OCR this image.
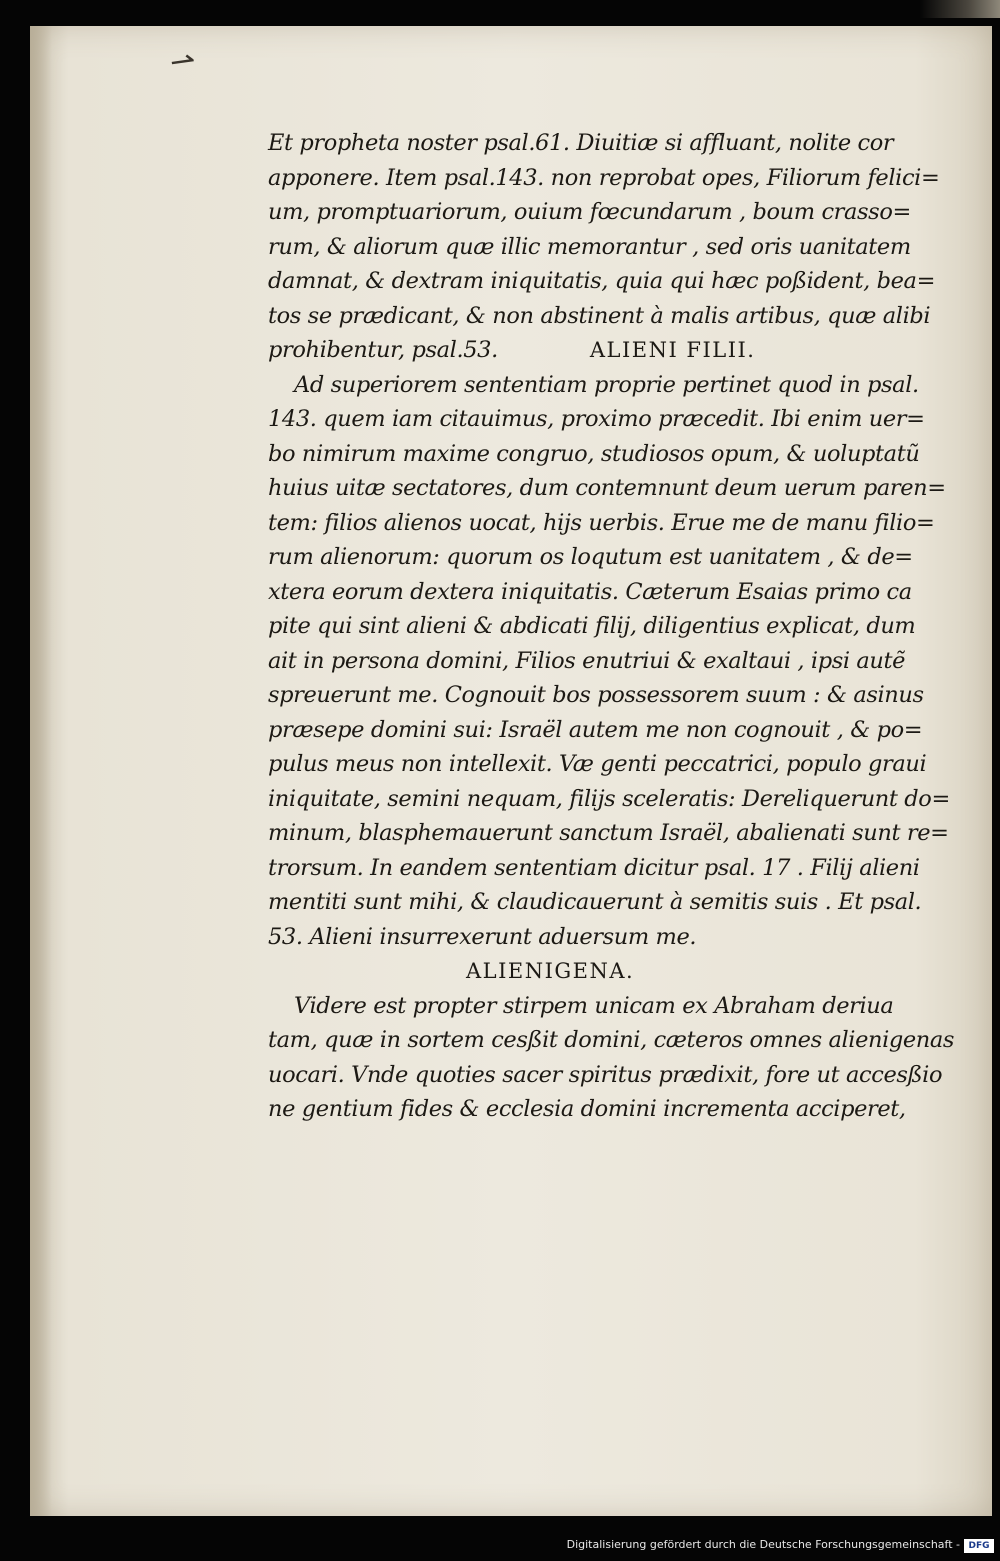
⇀
Et propheta noster psal.61. Diuitiæ si affluant, nolite cor
apponere. Item psal.143. non reprobat opes, Filiorum felici=
um, promptuariorum, ouium fœcundarum , boum crasso=
rum, & aliorum quæ illic memorantur , sed oris uanitatem
damnat, & dextram iniquitatis, quia qui hæc poßident, bea=
tos se prædicant, & non abstinent à malis artibus, quæ alibi
prohibentur, psal.53.	ALIENI FILII.
Ad superiorem sententiam proprie pertinet quod in psal.
143. quem iam citauimus, proximo præcedit. Ibi enim uer=
bo nimirum maxime congruo, studiosos opum, & uoluptatũ
huius uitæ sectatores, dum contemnunt deum uerum paren=
tem: filios alienos uocat, hijs uerbis. Erue me de manu filio=
rum alienorum: quorum os loqutum est uanitatem , & de=
xtera eorum dextera iniquitatis. Cæterum Esaias primo ca
pite qui sint alieni & abdicati filij, diligentius explicat, dum
ait in persona domini, Filios enutriui & exaltaui , ipsi autẽ
spreuerunt me. Cognouit bos possessorem suum : & asinus
præsepe domini sui: Israël autem me non cognouit , & po=
pulus meus non intellexit. Væ genti peccatrici, populo graui
iniquitate, semini nequam, filijs sceleratis: Dereliquerunt do=
minum, blasphemauerunt sanctum Israël, abalienati sunt re=
trorsum. In eandem sententiam dicitur psal. 17 . Filij alieni
mentiti sunt mihi, & claudicauerunt à semitis suis . Et psal.
53. Alieni insurrexerunt aduersum me.
ALIENIGENA.
Videre est propter stirpem unicam ex Abraham deriua
tam, quæ in sortem cesßit domini, cæteros omnes alienigenas
uocari. Vnde quoties sacer spiritus prædixit, fore ut accesßio
ne gentium fides & ecclesia domini incrementa acciperet,
Digitalisierung gefördert durch die Deutsche Forschungsgemeinschaft - DFG
